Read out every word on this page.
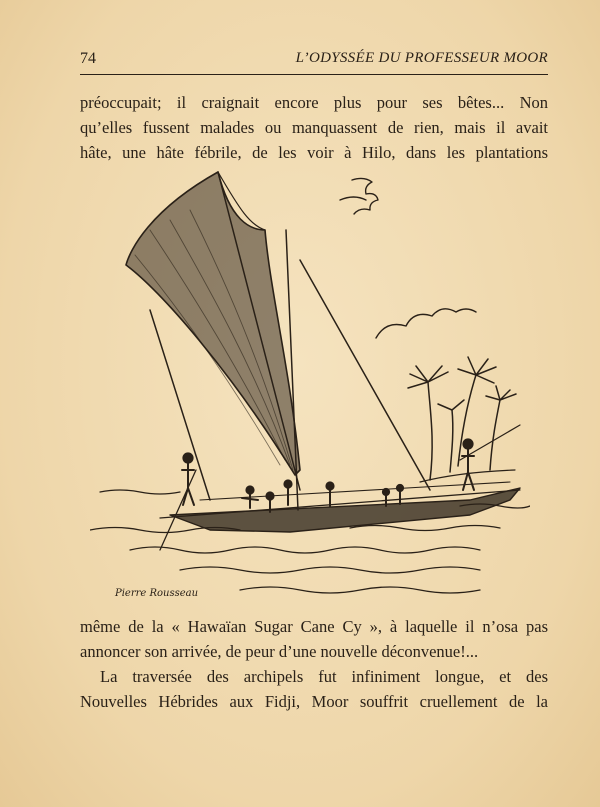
74	L’ODYSSÉE DU PROFESSEUR MOOR

préoccupait; il craignait encore plus pour ses bêtes... Non

qu’elles fussent malades ou manquassent de rien, mais il avait

hâte, une hâte fébrile, de les voir à Hilo, dans les plantations

Pierre Rousseau

même de la « Hawaïan Sugar Cane Cy », à laquelle il n’osa pas

annoncer son arrivée, de peur d’une nouvelle déconvenue!...

La traversée des archipels fut infiniment longue, et des

Nouvelles Hébrides aux Fidji, Moor souffrit cruellement de la
